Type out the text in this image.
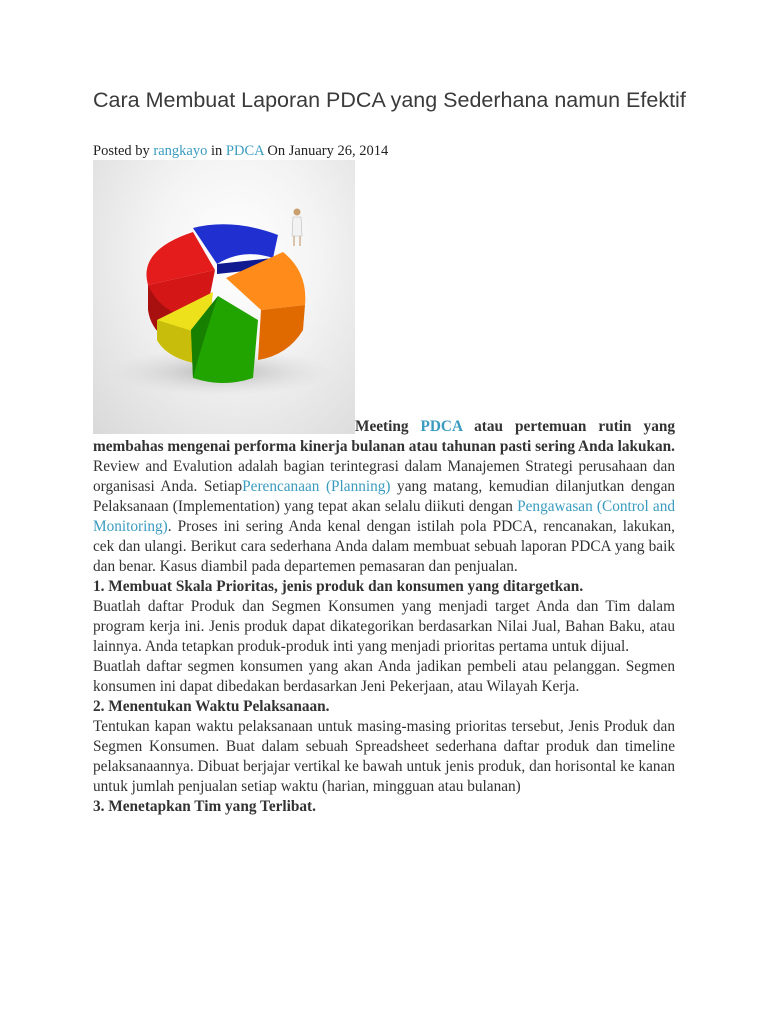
Cara Membuat Laporan PDCA yang Sederhana namun Efektif
Posted by rangkayo in PDCA On January 26, 2014

Meeting PDCA atau pertemuan rutin yang membahas mengenai performa kinerja bulanan atau tahunan pasti sering Anda lakukan. Review and Evalution adalah bagian terintegrasi dalam Manajemen Strategi perusahaan dan organisasi Anda. SetiapPerencanaan (Planning) yang matang, kemudian dilanjutkan dengan Pelaksanaan (Implementation) yang tepat akan selalu diikuti dengan Pengawasan (Control and Monitoring). Proses ini sering Anda kenal dengan istilah pola PDCA, rencanakan, lakukan, cek dan ulangi. Berikut cara sederhana Anda dalam membuat sebuah laporan PDCA yang baik dan benar. Kasus diambil pada departemen pemasaran dan penjualan.

1. Membuat Skala Prioritas, jenis produk dan konsumen yang ditargetkan.

Buatlah daftar Produk dan Segmen Konsumen yang menjadi target Anda dan Tim dalam program kerja ini. Jenis produk dapat dikategorikan berdasarkan Nilai Jual, Bahan Baku, atau lainnya. Anda tetapkan produk-produk inti yang menjadi prioritas pertama untuk dijual.

Buatlah daftar segmen konsumen yang akan Anda jadikan pembeli atau pelanggan. Segmen konsumen ini dapat dibedakan berdasarkan Jeni Pekerjaan, atau Wilayah Kerja.

2. Menentukan Waktu Pelaksanaan.

Tentukan kapan waktu pelaksanaan untuk masing-masing prioritas tersebut, Jenis Produk dan Segmen Konsumen. Buat dalam sebuah Spreadsheet sederhana daftar produk dan timeline pelaksanaannya. Dibuat berjajar vertikal ke bawah untuk jenis produk, dan horisontal ke kanan untuk jumlah penjualan setiap waktu (harian, mingguan atau bulanan)

3. Menetapkan Tim yang Terlibat.
